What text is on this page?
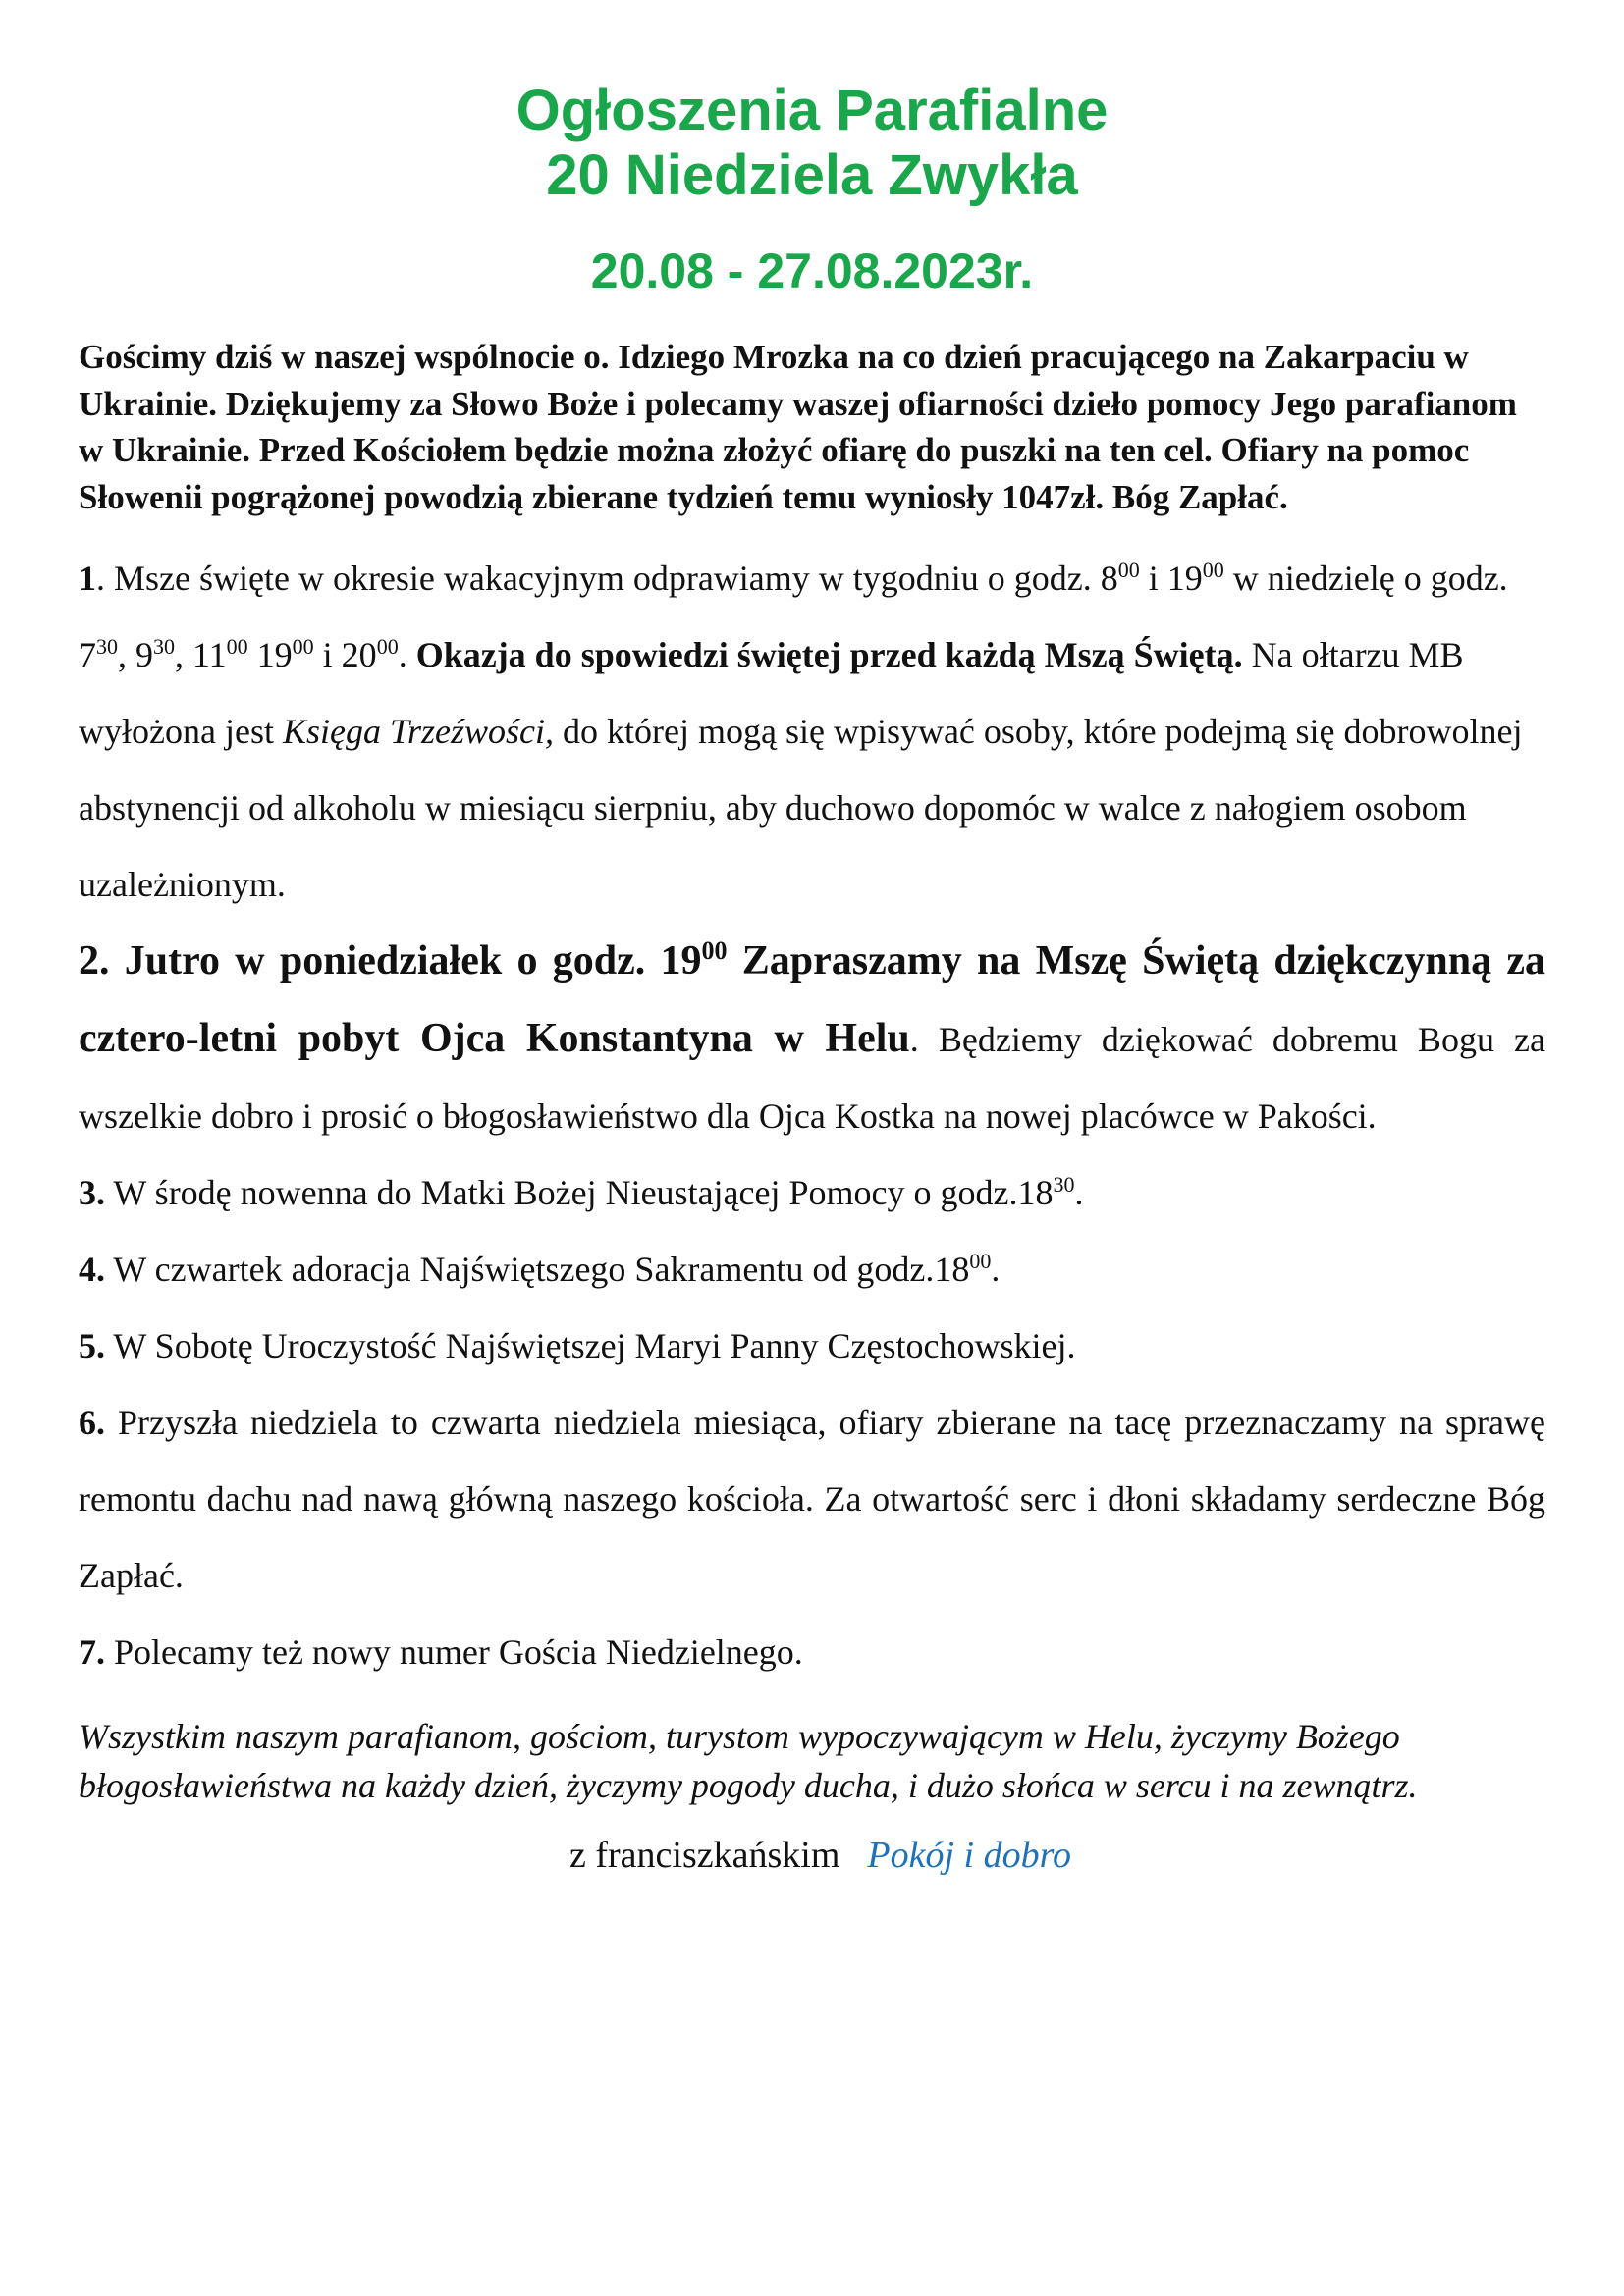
Ogłoszenia Parafialne
20 Niedziela Zwykła
20.08 - 27.08.2023r.
Gościmy dziś w naszej wspólnocie o. Idziego Mrozka na co dzień pracującego na Zakarpaciu w Ukrainie. Dziękujemy za Słowo Boże i polecamy waszej ofiarności dzieło pomocy Jego parafianom w Ukrainie. Przed Kościołem będzie można złożyć ofiarę do puszki na ten cel. Ofiary na pomoc Słowenii pogrążonej powodzią zbierane tydzień temu wyniosły 1047zł. Bóg Zapłać.

1. Msze święte w okresie wakacyjnym odprawiamy w tygodniu o godz. $8^{00}$ i $19^{00}$ w niedzielę o godz. $7^{30}$, $9^{30}$, $11^{00}$ $19^{00}$ i $20^{00}$. Okazja do spowiedzi świętej przed każdą Mszą Świętą. Na ołtarzu MB wyłożona jest Księga Trzeźwości, do której mogą się wpisywać osoby, które podejmą się dobrowolnej abstynencji od alkoholu w miesiącu sierpniu, aby duchowo dopomóc w walce z nałogiem osobom uzależnionym.

2. Jutro w poniedziałek o godz. $19^{00}$ Zapraszamy na Mszę Świętą dziękczynną za cztero-letni pobyt Ojca Konstantyna w Helu. Będziemy dziękować dobremu Bogu za wszelkie dobro i prosić o błogosławieństwo dla Ojca Kostka na nowej placówce w Pakości.

3. W środę nowenna do Matki Bożej Nieustającej Pomocy o $godz.18^{30}$.

4. W czwartek adoracja Najświętszego Sakramentu od $godz.18^{00}$.

5. W Sobotę Uroczystość Najświętszej Maryi Panny Częstochowskiej.

6. Przyszła niedziela to czwarta niedziela miesiąca, ofiary zbierane na tacę przeznaczamy na sprawę remontu dachu nad nawą główną naszego kościoła. Za otwartość serc i dłoni składamy serdeczne Bóg Zapłać.

7. Polecamy też nowy numer Gościa Niedzielnego.

Wszystkim naszym parafianom, gościom, turystom wypoczywającym w Helu, życzymy Bożego błogosławieństwa na każdy dzień, życzymy pogody ducha, i dużo słońca w sercu i na zewnątrz.
z franciszkańskim Pokój i dobro
